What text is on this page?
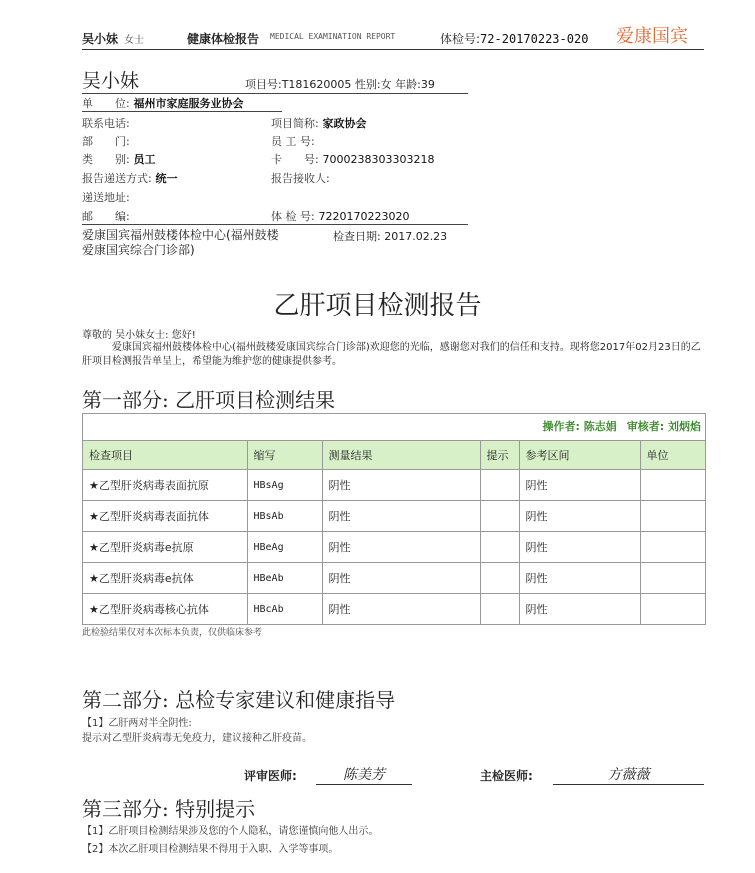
吴小妹 女士	健康体检报告 MEDICAL EXAMINATION REPORT	体检号:72-20170223-020 爱康国宾
吴小妹	项目号:T181620005 性别:女 年龄:39
单　　位: 福州市家庭服务业协会
联系电话:	项目简称: 家政协会
部　　门:	员 工 号:
类　　别: 员工	卡　　号: 7000238303303218
报告递送方式: 统一	报告接收人:
递送地址:
邮　　编:	体 检 号: 7220170223020
爱康国宾福州鼓楼体检中心(福州鼓楼爱康国宾综合门诊部)
检查日期: 2017.02.23
乙肝项目检测报告
尊敬的 吴小妹女士: 您好!
爱康国宾福州鼓楼体检中心(福州鼓楼爱康国宾综合门诊部)欢迎您的光临，感谢您对我们的信任和支持。现将您2017年02月23日的乙肝项目检测报告单呈上，希望能为维护您的健康提供参考。
第一部分: 乙肝项目检测结果
操作者: 陈志娟 审核者: 刘炳焰
检查项目	缩写	测量结果	提示	参考区间	单位
★乙型肝炎病毒表面抗原	HBsAg	阴性		阴性	
★乙型肝炎病毒表面抗体	HBsAb	阴性		阴性	
★乙型肝炎病毒e抗原	HBeAg	阴性		阴性	
★乙型肝炎病毒e抗体	HBeAb	阴性		阴性	
★乙型肝炎病毒核心抗体	HBcAb	阴性		阴性	
此检验结果仅对本次标本负责，仅供临床参考
第二部分: 总检专家建议和健康指导
【1】乙肝两对半全阴性:
提示对乙型肝炎病毒无免疫力，建议接种乙肝疫苗。
评审医师:	陈美芳	主检医师:	方薇薇
第三部分: 特别提示
【1】乙肝项目检测结果涉及您的个人隐私，请您谨慎向他人出示。
【2】本次乙肝项目检测结果不得用于入职、入学等事项。
